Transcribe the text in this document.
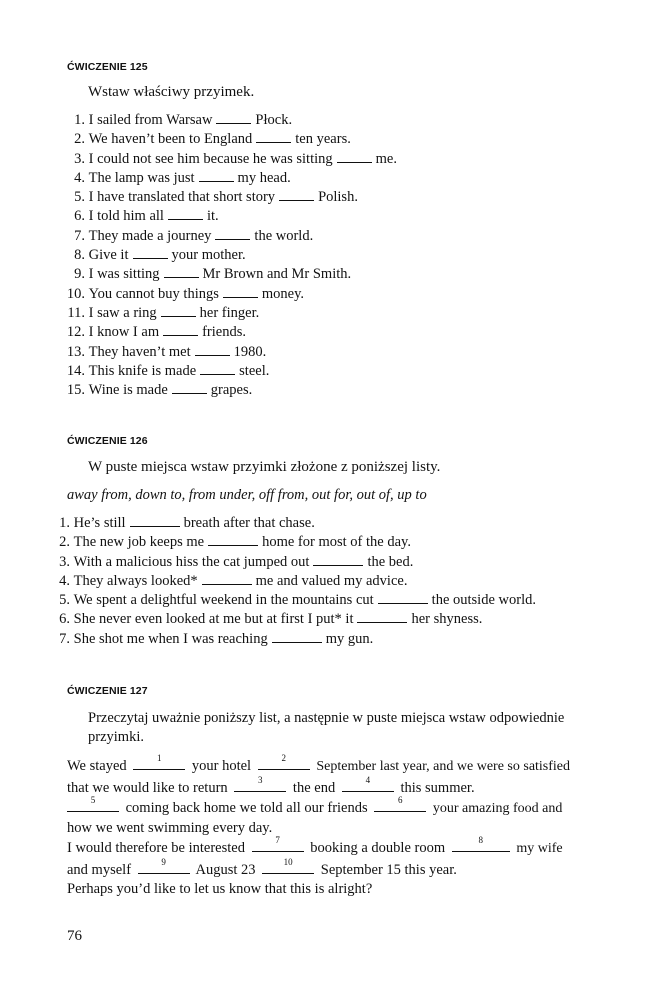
ĆWICZENIE 125
Wstaw właściwy przyimek.
1. I sailed from Warsaw	Płock.
2. We haven’t been to England	ten years.
3. I could not see him because he was sitting	me.
4. The lamp was just	my head.
5. I have translated that short story	Polish.
6. I told him all	it.
7. They made a journey	the world.
8. Give it	your mother.
9. I was sitting	Mr Brown and Mr Smith.
10. You cannot buy things	money.
11. I saw a ring	her finger.
12. I know I am	friends.
13. They haven’t met	1980.
14. This knife is made	steel.
15. Wine is made	grapes.
ĆWICZENIE 126
W puste miejsca wstaw przyimki złożone z poniższej listy.
away from, down to, from under, off from, out for, out of, up to
1. He’s still	breath after that chase.
2. The new job keeps me	home for most of the day.
3. With a malicious hiss the cat jumped out	the bed.
4. They always looked*	me and valued my advice.
5. We spent a delightful weekend in the mountains cut	the outside world.
6. She never even looked at me but at first I put* it	her shyness.
7. She shot me when I was reaching	my gun.
ĆWICZENIE 127
Przeczytaj uważnie poniższy list, a następnie w puste miejsca wstaw odpowiednie
przyimki.
We stayed	1	your hotel	2
September last year, and we were so satisfied
that we would like to return	3	the end	4	this summer.
5	coming back home we told all our friends	6
your amazing food and
how we went swimming every day.
I would therefore be interested	7	booking a double room	8
my wife
and myself	9	August 23	10	September 15 this year.
Perhaps you’d like to let us know that this is alright?
76
